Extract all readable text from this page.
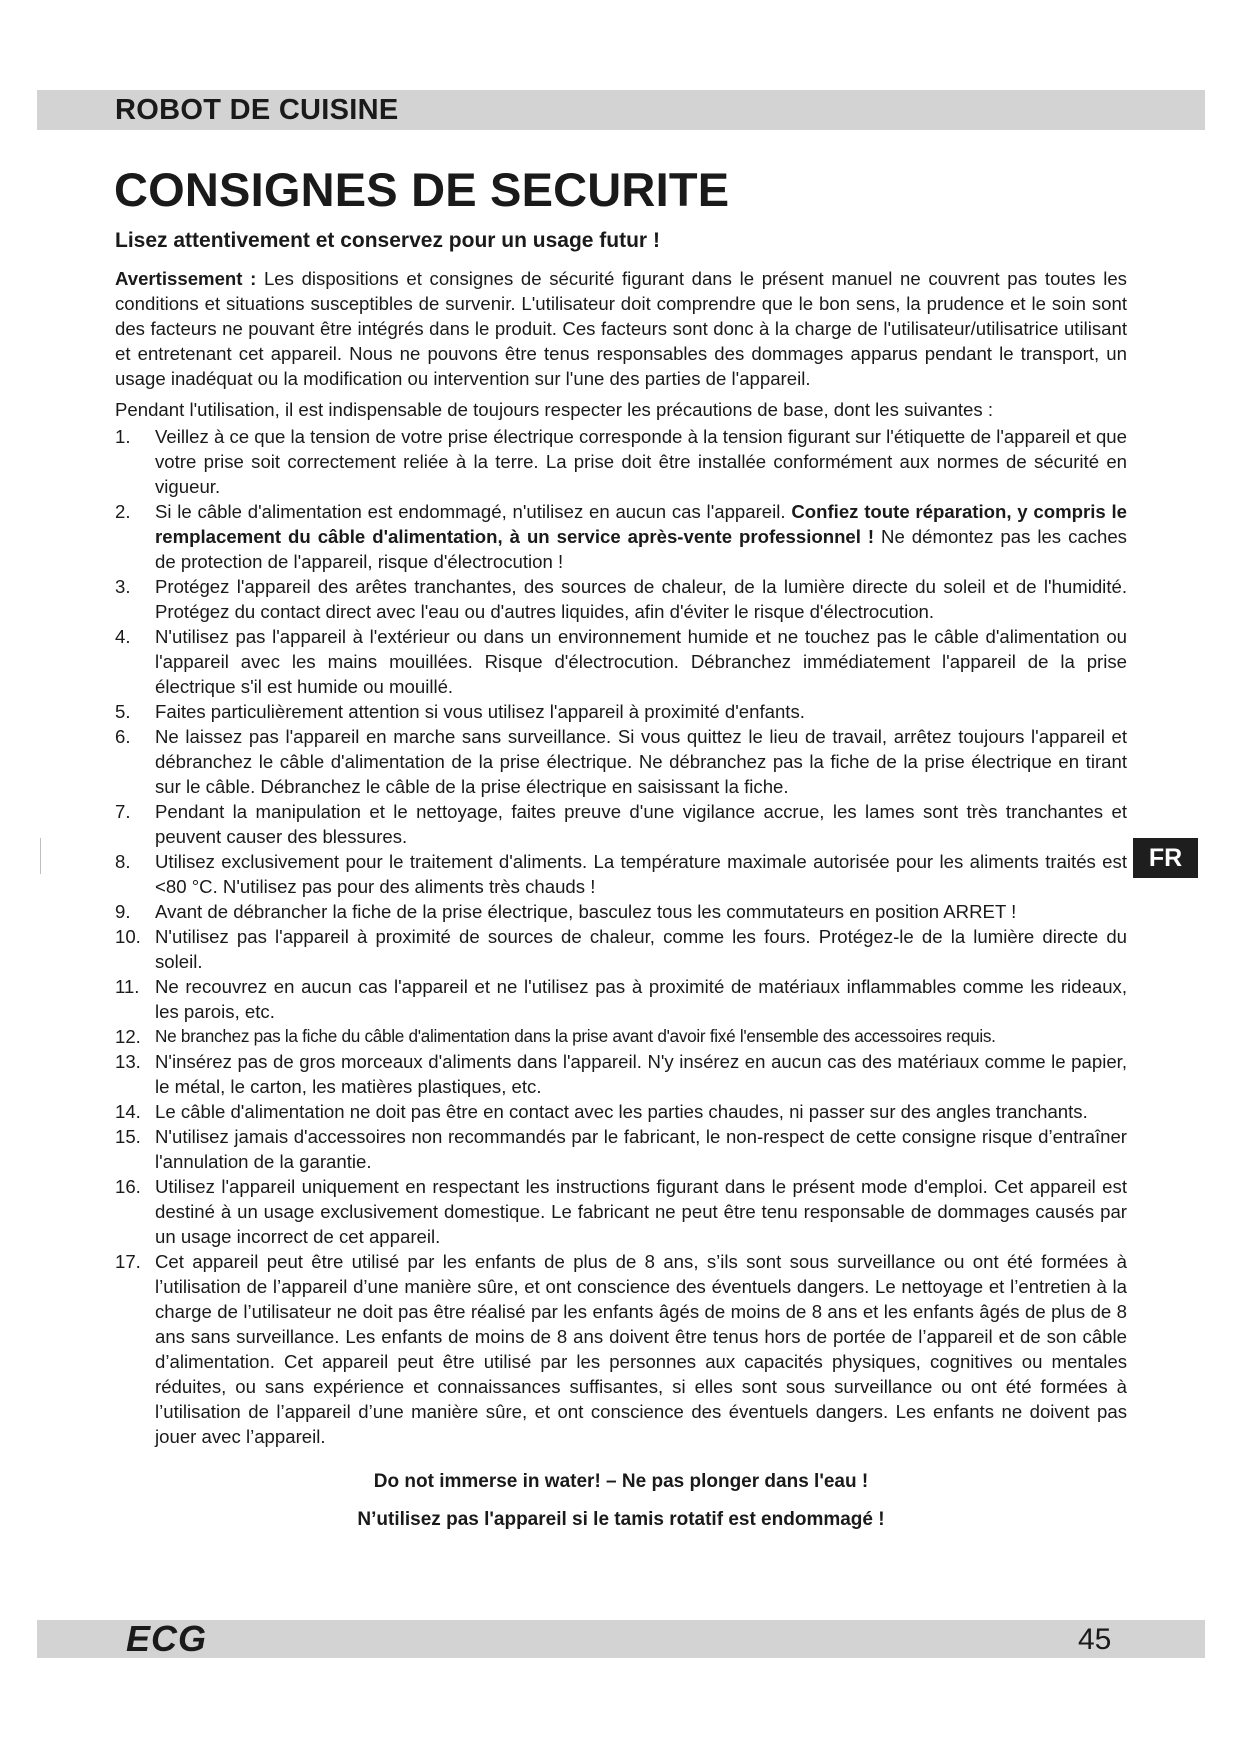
ROBOT DE CUISINE
CONSIGNES DE SECURITE
Lisez attentivement et conservez pour un usage futur !

Avertissement : Les dispositions et consignes de sécurité figurant dans le présent manuel ne couvrent pas toutes les conditions et situations susceptibles de survenir. L'utilisateur doit comprendre que le bon sens, la prudence et le soin sont des facteurs ne pouvant être intégrés dans le produit. Ces facteurs sont donc à la charge de l'utilisateur/utilisatrice utilisant et entretenant cet appareil. Nous ne pouvons être tenus responsables des dommages apparus pendant le transport, un usage inadéquat ou la modification ou intervention sur l'une des parties de l'appareil.

Pendant l'utilisation, il est indispensable de toujours respecter les précautions de base, dont les suivantes :

1.	Veillez à ce que la tension de votre prise électrique corresponde à la tension figurant sur l'étiquette de l'appareil et que votre prise soit correctement reliée à la terre. La prise doit être installée conformément aux normes de sécurité en vigueur.
2.	Si le câble d'alimentation est endommagé, n'utilisez en aucun cas l'appareil. Confiez toute réparation, y compris le remplacement du câble d'alimentation, à un service après-vente professionnel ! Ne démontez pas les caches de protection de l'appareil, risque d'électrocution !
3.	Protégez l'appareil des arêtes tranchantes, des sources de chaleur, de la lumière directe du soleil et de l'humidité. Protégez du contact direct avec l'eau ou d'autres liquides, afin d'éviter le risque d'électrocution.
4.	N'utilisez pas l'appareil à l'extérieur ou dans un environnement humide et ne touchez pas le câble d'alimentation ou l'appareil avec les mains mouillées. Risque d'électrocution. Débranchez immédiatement l'appareil de la prise électrique s'il est humide ou mouillé.
5.	Faites particulièrement attention si vous utilisez l'appareil à proximité d'enfants.
6.	Ne laissez pas l'appareil en marche sans surveillance. Si vous quittez le lieu de travail, arrêtez toujours l'appareil et débranchez le câble d'alimentation de la prise électrique. Ne débranchez pas la fiche de la prise électrique en tirant sur le câble. Débranchez le câble de la prise électrique en saisissant la fiche.
7.	Pendant la manipulation et le nettoyage, faites preuve d'une vigilance accrue, les lames sont très tranchantes et peuvent causer des blessures.
8.	Utilisez exclusivement pour le traitement d'aliments. La température maximale autorisée pour les aliments traités est <80 °C. N'utilisez pas pour des aliments très chauds !
9.	Avant de débrancher la fiche de la prise électrique, basculez tous les commutateurs en position ARRET !
10. N'utilisez pas l'appareil à proximité de sources de chaleur, comme les fours. Protégez-le de la lumière directe du soleil.
11. Ne recouvrez en aucun cas l'appareil et ne l'utilisez pas à proximité de matériaux inflammables comme les rideaux, les parois, etc.
12. Ne branchez pas la fiche du câble d'alimentation dans la prise avant d'avoir fixé l'ensemble des accessoires requis.
13. N'insérez pas de gros morceaux d'aliments dans l'appareil. N'y insérez en aucun cas des matériaux comme le papier, le métal, le carton, les matières plastiques, etc.
14. Le câble d'alimentation ne doit pas être en contact avec les parties chaudes, ni passer sur des angles tranchants.
15. N'utilisez jamais d'accessoires non recommandés par le fabricant, le non-respect de cette consigne risque d’entraîner l'annulation de la garantie.
16. Utilisez l'appareil uniquement en respectant les instructions figurant dans le présent mode d'emploi. Cet appareil est destiné à un usage exclusivement domestique. Le fabricant ne peut être tenu responsable de dommages causés par un usage incorrect de cet appareil.
17. Cet appareil peut être utilisé par les enfants de plus de 8 ans, s’ils sont sous surveillance ou ont été formées à l’utilisation de l’appareil d’une manière sûre, et ont conscience des éventuels dangers. Le nettoyage et l’entretien à la charge de l’utilisateur ne doit pas être réalisé par les enfants âgés de moins de 8 ans et les enfants âgés de plus de 8 ans sans surveillance. Les enfants de moins de 8 ans doivent être tenus hors de portée de l’appareil et de son câble d’alimentation. Cet appareil peut être utilisé par les personnes aux capacités physiques, cognitives ou mentales réduites, ou sans expérience et connaissances suffisantes, si elles sont sous surveillance ou ont été formées à l’utilisation de l’appareil d’une manière sûre, et ont conscience des éventuels dangers. Les enfants ne doivent pas jouer avec l’appareil.
Do not immerse in water! – Ne pas plonger dans l'eau !
N’utilisez pas l'appareil si le tamis rotatif est endommagé !
FR
ECG	45
